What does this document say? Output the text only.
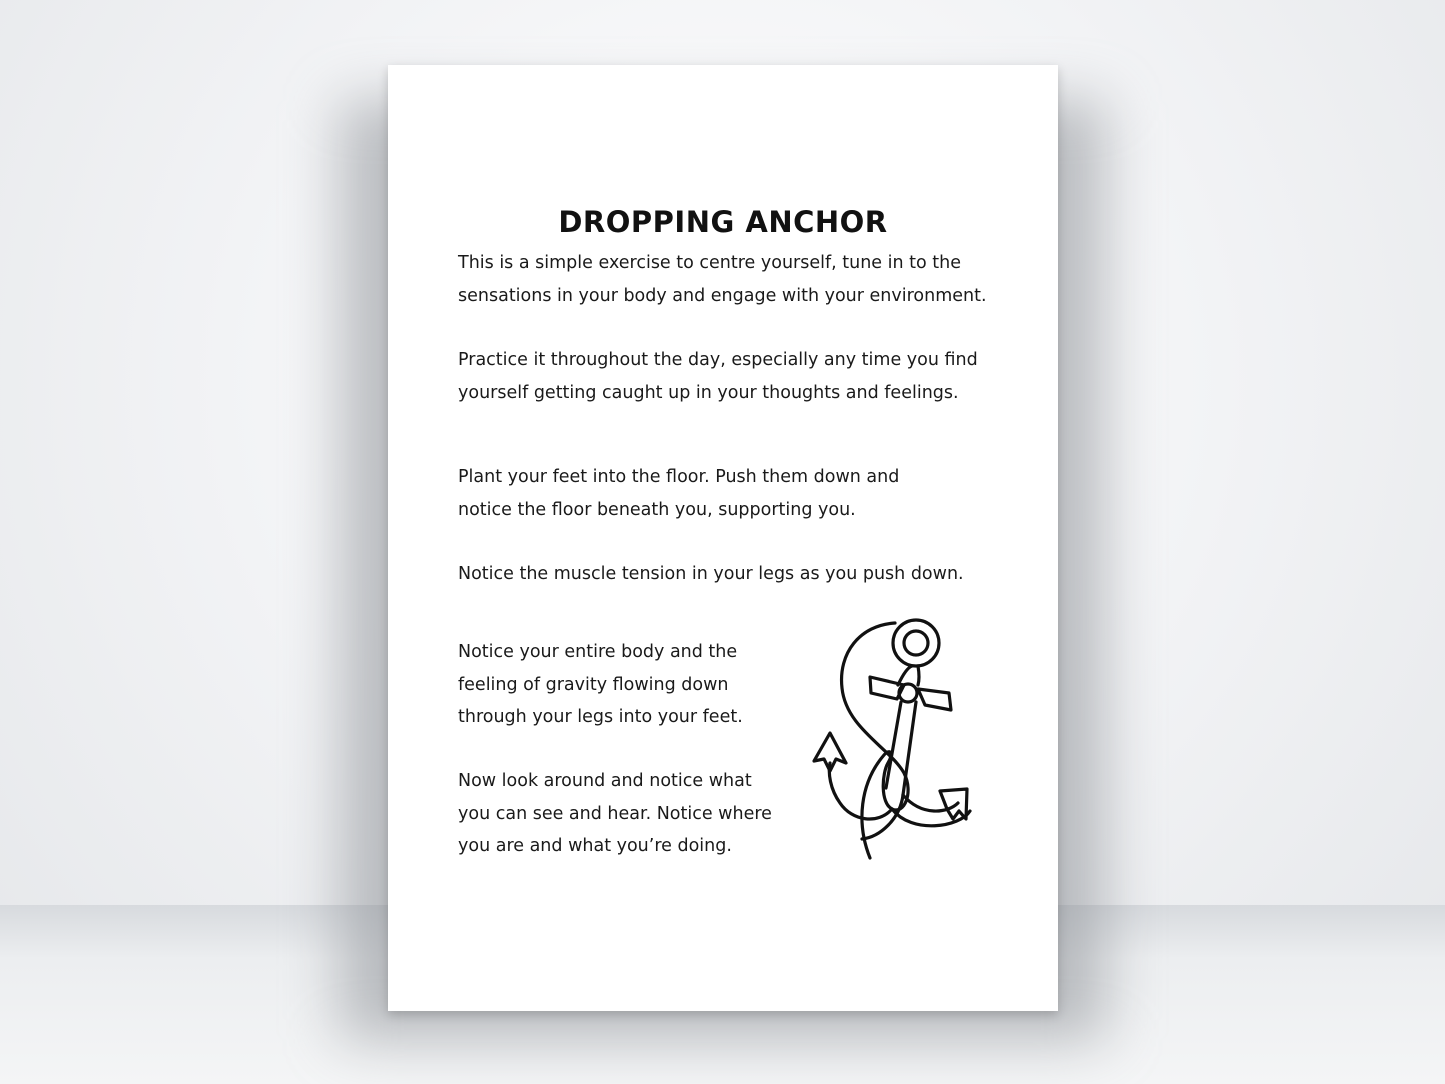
DROPPING ANCHOR

This is a simple exercise to centre yourself, tune in to the
sensations in your body and engage with your environment.

Practice it throughout the day, especially any time you find
yourself getting caught up in your thoughts and feelings.

Plant your feet into the floor. Push them down and
notice the floor beneath you, supporting you.

Notice the muscle tension in your legs as you push down.

Notice your entire body and the
feeling of gravity flowing down
through your legs into your feet.

Now look around and notice what
you can see and hear. Notice where
you are and what you’re doing.
